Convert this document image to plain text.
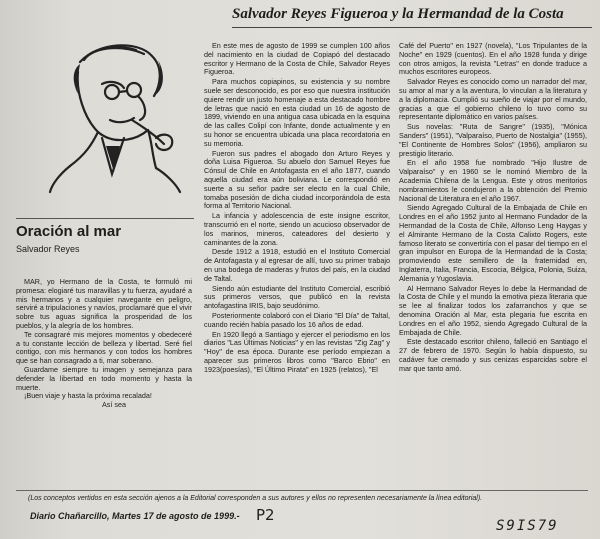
Salvador Reyes Figueroa y la Hermandad de la Costa
Oración al mar
Salvador Reyes

MAR, yo Hermano de la Costa, te formuló mi promesa: elogiaré tus maravillas y tu fuerza, ayudaré a mis hermanos y a cualquier navegante en peligro, serviré a tripulaciones y navíos, proclamaré que el vivir sobre tus aguas significa la prosperidad de los pueblos, y la alegría de los hombres.

Te consagraré mis mejores momentos y obedeceré a tu constante lección de belleza y libertad. Seré fiel contigo, con mis hermanos y con todos los hombres que se han consagrado a ti, mar soberano.

Guardame siempre tu imagen y semejanza para defender la libertad en todo momento y hasta la muerte.

¡Buen viaje y hasta la próxima recalada!

Así sea

En este mes de agosto de 1999 se cumplen 100 años del nacimiento en la ciudad de Copiapó del destacado escritor y Hermano de la Costa de Chile, Salvador Reyes Figueroa.

Para muchos copiapinos, su existencia y su nombre suele ser desconocido, es por eso que nuestra institución quiere rendir un justo homenaje a esta destacado hombre de letras que nació en esta ciudad un 16 de agosto de 1899, viviendo en una antigua casa ubicada en la esquina de las calles Colipí con Infante, donde actualmente y en su honor se encuentra ubicada una placa recordatoria en su memoria.

Fueron sus padres el abogado don Arturo Reyes y doña Luisa Figueroa. Su abuelo don Samuel Reyes fue Cónsul de Chile en Antofagasta en el año 1877, cuando aquella ciudad era aún boliviana. Le correspondió en suerte a su señor padre ser electo en la cual Chile, tomaba posesión de dicha ciudad incorporándola de esta forma al Territorio Nacional.

La infancia y adolescencia de este insigne escritor, transcurrió en el norte, siendo un acucioso observador de los marinos, mineros, cateadores del desierto y caminantes de la zona.

Desde 1912 a 1918, estudió en el Instituto Comercial de Antofagasta y al egresar de allí, tuvo su primer trabajo en una bodega de maderas y frutos del país, en la ciudad de Taltal.

Siendo aún estudiante del Instituto Comercial, escribió sus primeros versos, que publicó en la revista antofagastina IRIS, bajo seudónimo.

Posteriormente colaboró con el Diario "El Día" de Taltal, cuando recién había pasado los 16 años de edad.

En 1920 llegó a Santiago y ejercer el periodismo en los diarios "Las Últimas Noticias" y en las revistas "Zig Zag" y "Hoy" de esa época. Durante ese período empiezan a aparecer sus primeros libros como "Barco Ebrio" en 1923(poesías), "El Último Pirata" en 1925 (relatos), "El

Café del Puerto" en 1927 (novela), "Los Tripulantes de la Noche" en 1929 (cuentos). En el año 1928 funda y dirige con otros amigos, la revista "Letras" en donde traduce a muchos escritores europeos.

Salvador Reyes es conocido como un narrador del mar, su amor al mar y a la aventura, lo vinculan a la literatura y a la diplomacia. Cumplió su sueño de viajar por el mundo, gracias a que el gobierno chileno lo tuvo como su representante diplomático en varios países.

Sus novelas: "Ruta de Sangre" (1935), "Mónica Sanders" (1951), "Valparaíso, Puerto de Nostalgia" (1955), "El Continente de Hombres Solos" (1956), ampliaron su prestigio literario.

En el año 1958 fue nombrado "Hijo Ilustre de Valparaíso" y en 1960 se le nominó Miembro de la Academia Chilena de la Lengua. Este y otros meritorios nombramientos le condujeron a la obtención del Premio Nacional de Literatura en el año 1967.

Siendo Agregado Cultural de la Embajada de Chile en Londres en el año 1952 junto al Hermano Fundador de la Hermandad de la Costa de Chile, Alfonso Leng Haygas y el Almirante Hermano de la Costa Calixto Rogers, este famoso literato se convertiría con el pasar del tiempo en el gran impulsor en Europa de la Hermandad de la Costa; promoviendo este semillero de la fraternidad en, Inglaterra, Italia, Francia, Escocia, Bélgica, Polonia, Suiza, Alemania y Yugoslavia.

Al Hermano Salvador Reyes lo debe la Hermandad de la Costa de Chile y el mundo la emotiva pieza literaria que se lee al finalizar todos los zafarranchos y que se denomina Oración al Mar, esta plegaria fue escrita en Londres en el año 1952, siendo Agregado Cultural de la Embajada de Chile.

Este destacado escritor chileno, falleció en Santiago el 27 de febrero de 1970. Según lo había dispuesto, su cadáver fue cremado y sus cenizas esparcidas sobre el mar que tanto amó.

(Los conceptos vertidos en esta sección ajenos a la Editorial corresponden a sus autores y ellos no representen necesariamente la línea editorial).
Diario Chañarcillo, Martes 17 de agosto de 1999.- P2
S9IS79
